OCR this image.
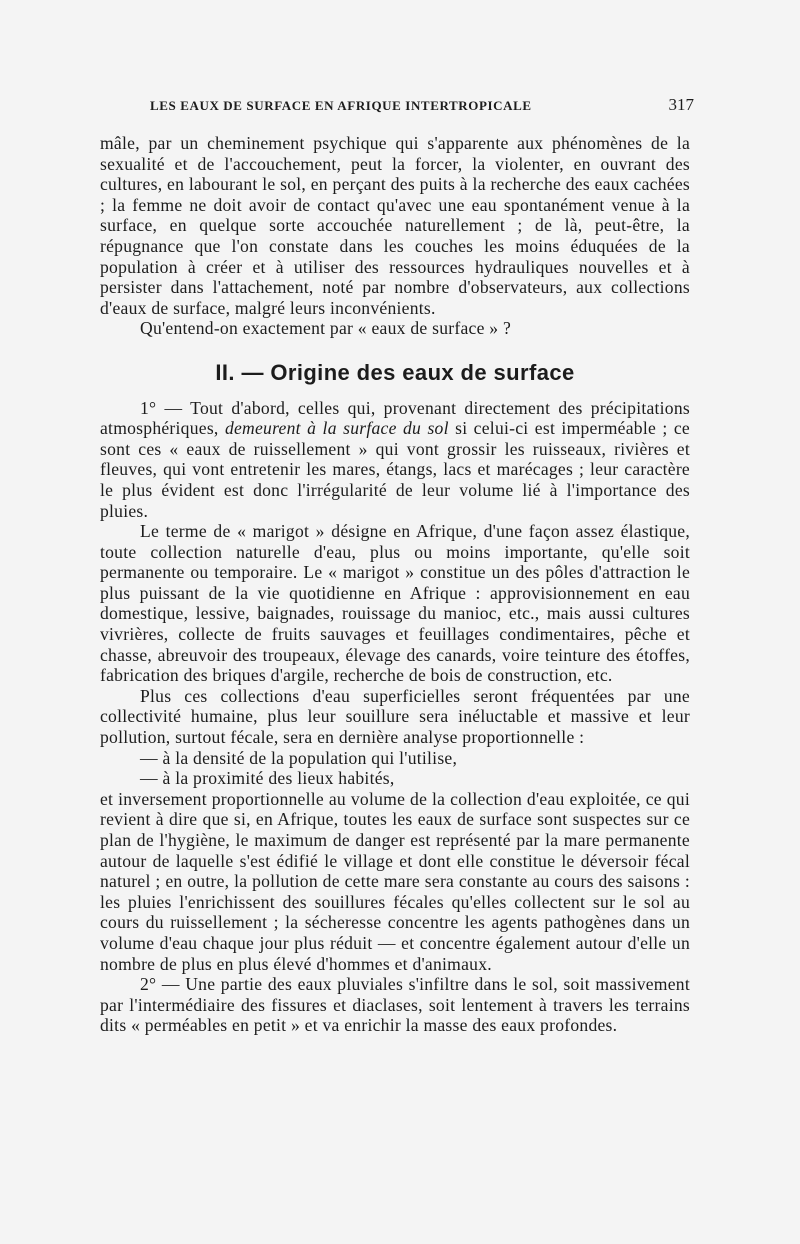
LES EAUX DE SURFACE EN AFRIQUE INTERTROPICALE	317

mâle, par un cheminement psychique qui s'apparente aux phénomènes de la sexualité et de l'accouchement, peut la forcer, la violenter, en ouvrant des cultures, en labourant le sol, en perçant des puits à la recherche des eaux cachées ; la femme ne doit avoir de contact qu'avec une eau spontanément venue à la surface, en quelque sorte accouchée naturellement ; de là, peut-être, la répugnance que l'on constate dans les couches les moins éduquées de la population à créer et à utiliser des ressources hydrauliques nouvelles et à persister dans l'attachement, noté par nombre d'observateurs, aux collections d'eaux de surface, malgré leurs inconvénients.

Qu'entend-on exactement par « eaux de surface » ?

II. — Origine des eaux de surface

1° — Tout d'abord, celles qui, provenant directement des précipitations atmosphériques, demeurent à la surface du sol si celui-ci est imperméable ; ce sont ces « eaux de ruissellement » qui vont grossir les ruisseaux, rivières et fleuves, qui vont entretenir les mares, étangs, lacs et marécages ; leur caractère le plus évident est donc l'irrégularité de leur volume lié à l'importance des pluies.

Le terme de « marigot » désigne en Afrique, d'une façon assez élastique, toute collection naturelle d'eau, plus ou moins importante, qu'elle soit permanente ou temporaire. Le « marigot » constitue un des pôles d'attraction le plus puissant de la vie quotidienne en Afrique : approvisionnement en eau domestique, lessive, baignades, rouissage du manioc, etc., mais aussi cultures vivrières, collecte de fruits sauvages et feuillages condimentaires, pêche et chasse, abreuvoir des troupeaux, élevage des canards, voire teinture des étoffes, fabrication des briques d'argile, recherche de bois de construction, etc.

Plus ces collections d'eau superficielles seront fréquentées par une collectivité humaine, plus leur souillure sera inéluctable et massive et leur pollution, surtout fécale, sera en dernière analyse proportionnelle :

— à la densité de la population qui l'utilise,

— à la proximité des lieux habités,

et inversement proportionnelle au volume de la collection d'eau exploitée, ce qui revient à dire que si, en Afrique, toutes les eaux de surface sont suspectes sur ce plan de l'hygiène, le maximum de danger est représenté par la mare permanente autour de laquelle s'est édifié le village et dont elle constitue le déversoir fécal naturel ; en outre, la pollution de cette mare sera constante au cours des saisons : les pluies l'enrichissent des souillures fécales qu'elles collectent sur le sol au cours du ruissellement ; la sécheresse concentre les agents pathogènes dans un volume d'eau chaque jour plus réduit — et concentre également autour d'elle un nombre de plus en plus élevé d'hommes et d'animaux.

2° — Une partie des eaux pluviales s'infiltre dans le sol, soit massivement par l'intermédiaire des fissures et diaclases, soit lentement à travers les terrains dits « perméables en petit » et va enrichir la masse des eaux profondes.
